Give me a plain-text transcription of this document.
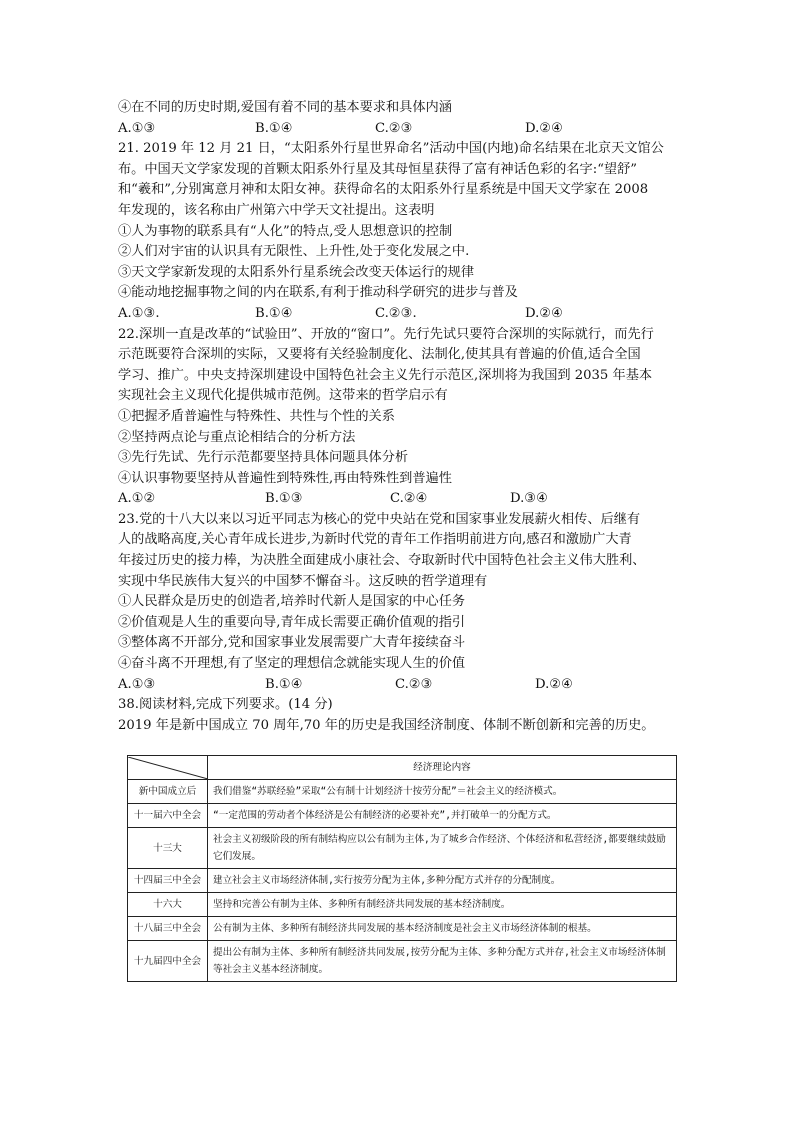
④在不同的历史时期,爱国有着不同的基本要求和具体内涵
A.①③	B.①④	C.②③	D.②④
21. 2019 年 12 月 21 日，“太阳系外行星世界命名”活动中国(内地)命名结果在北京天文馆公
布。中国天文学家发现的首颗太阳系外行星及其母恒星获得了富有神话色彩的名字:“望舒”
和“羲和”,分别寓意月神和太阳女神。获得命名的太阳系外行星系统是中国天文学家在 2008
年发现的，该名称由广州第六中学天文社提出。这表明
①人为事物的联系具有“人化”的特点,受人思想意识的控制
②人们对宇宙的认识具有无限性、上升性,处于变化发展之中.
③天文学家新发现的太阳系外行星系统会改变天体运行的规律
④能动地挖掘事物之间的内在联系,有利于推动科学研究的进步与普及
A.①③.	B.①④	C.②③.	D.②④
22.深圳一直是改革的“试验田”、开放的“窗口”。先行先试只要符合深圳的实际就行，而先行
示范既要符合深圳的实际，又要将有关经验制度化、法制化,使其具有普遍的价值,适合全国
学习、推广。中央支持深圳建设中国特色社会主义先行示范区,深圳将为我国到 2035 年基本
实现社会主义现代化提供城市范例。这带来的哲学启示有
①把握矛盾普遍性与特殊性、共性与个性的关系
②坚持两点论与重点论相结合的分析方法
③先行先试、先行示范都要坚持具体问题具体分析
④认识事物要坚持从普遍性到特殊性,再由特殊性到普遍性
A.①②	B.①③	C.②④	D.③④
23.党的十八大以来以习近平同志为核心的党中央站在党和国家事业发展薪火相传、后继有
人的战略高度,关心青年成长进步,为新时代党的青年工作指明前进方向,感召和激励广大青
年接过历史的接力棒，为决胜全面建成小康社会、夺取新时代中国特色社会主义伟大胜利、
实现中华民族伟大复兴的中国梦不懈奋斗。这反映的哲学道理有
①人民群众是历史的创造者,培养时代新人是国家的中心任务
②价值观是人生的重要向导,青年成长需要正确价值观的指引
③整体离不开部分,党和国家事业发展需要广大青年接续奋斗
④奋斗离不开理想,有了坚定的理想信念就能实现人生的价值
A.①③	B.①④	C.②③	D.②④
38.阅读材料,完成下列要求。(14 分)
2019 年是新中国成立 70 周年,70 年的历史是我国经济制度、体制不断创新和完善的历史。
	经济理论内容
新中国成立后	我们借鉴“苏联经验”采取“公有制十计划经济十按劳分配”＝社会主义的经济模式。
十一届六中全会	“一定范围的劳动者个体经济是公有制经济的必要补充”,并打破单一的分配方式。
十三大	社会主义初级阶段的所有制结构应以公有制为主体,为了城乡合作经济、个体经济和私营经济,都要继续鼓励它们发展。
十四届三中全会	建立社会主义市场经济体制,实行按劳分配为主体,多种分配方式并存的分配制度。
十六大	坚持和完善公有制为主体、多种所有制经济共同发展的基本经济制度。
十八届三中全会	公有制为主体、多种所有制经济共同发展的基本经济制度是社会主义市场经济体制的根基。
十九届四中全会	提出公有制为主体、多种所有制经济共同发展,按劳分配为主体、多种分配方式并存,社会主义市场经济体制等社会主义基本经济制度。
